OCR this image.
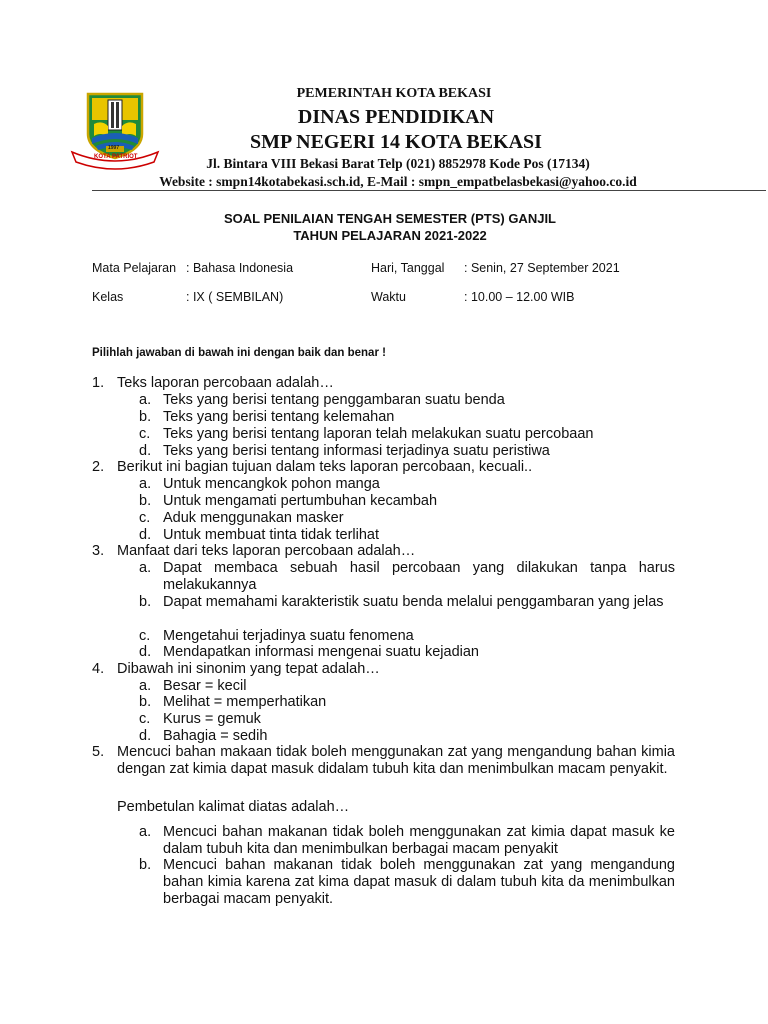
KOTA PATRIOT
1997
PEMERINTAH KOTA BEKASI
DINAS PENDIDIKAN
SMP NEGERI 14 KOTA BEKASI
Jl. Bintara VIII Bekasi Barat Telp (021) 8852978 Kode Pos (17134)
Website : smpn14kotabekasi.sch.id, E-Mail : smpn_empatbelasbekasi@yahoo.co.id
SOAL PENILAIAN TENGAH SEMESTER (PTS) GANJIL
TAHUN PELAJARAN 2021-2022
Mata Pelajaran : Bahasa Indonesia	Hari, Tanggal : Senin, 27 September 2021
Kelas	: IX ( SEMBILAN)	Waktu	: 10.00 – 12.00 WIB
Pilihlah jawaban di bawah ini dengan baik dan benar !
1. Teks laporan percobaan adalah…
a. Teks yang berisi tentang penggambaran suatu benda
b. Teks yang berisi tentang kelemahan
c. Teks yang berisi tentang laporan telah melakukan suatu percobaan
d. Teks yang berisi tentang informasi terjadinya suatu peristiwa
2. Berikut ini bagian tujuan dalam teks laporan percobaan, kecuali..
a. Untuk mencangkok pohon manga
b. Untuk mengamati pertumbuhan kecambah
c. Aduk menggunakan masker
d. Untuk membuat tinta tidak terlihat
3. Manfaat dari teks laporan percobaan adalah…
a. Dapat membaca sebuah hasil percobaan yang dilakukan tanpa harus melakukannya
b. Dapat memahami karakteristik suatu benda melalui penggambaran yang jelas
c. Mengetahui terjadinya suatu fenomena
d. Mendapatkan informasi mengenai suatu kejadian
4. Dibawah ini sinonim yang tepat adalah…
a. Besar = kecil
b. Melihat = memperhatikan
c. Kurus = gemuk
d. Bahagia = sedih
5. Mencuci bahan makaan tidak boleh menggunakan zat yang mengandung bahan kimia dengan zat kimia dapat masuk didalam tubuh kita dan menimbulkan macam penyakit.
Pembetulan kalimat diatas adalah…
a. Mencuci bahan makanan tidak boleh menggunakan zat kimia dapat masuk ke dalam tubuh kita dan menimbulkan berbagai macam penyakit
b. Mencuci bahan makanan tidak boleh menggunakan zat yang mengandung bahan kimia karena zat kima dapat masuk di dalam tubuh kita da menimbulkan berbagai macam penyakit.
